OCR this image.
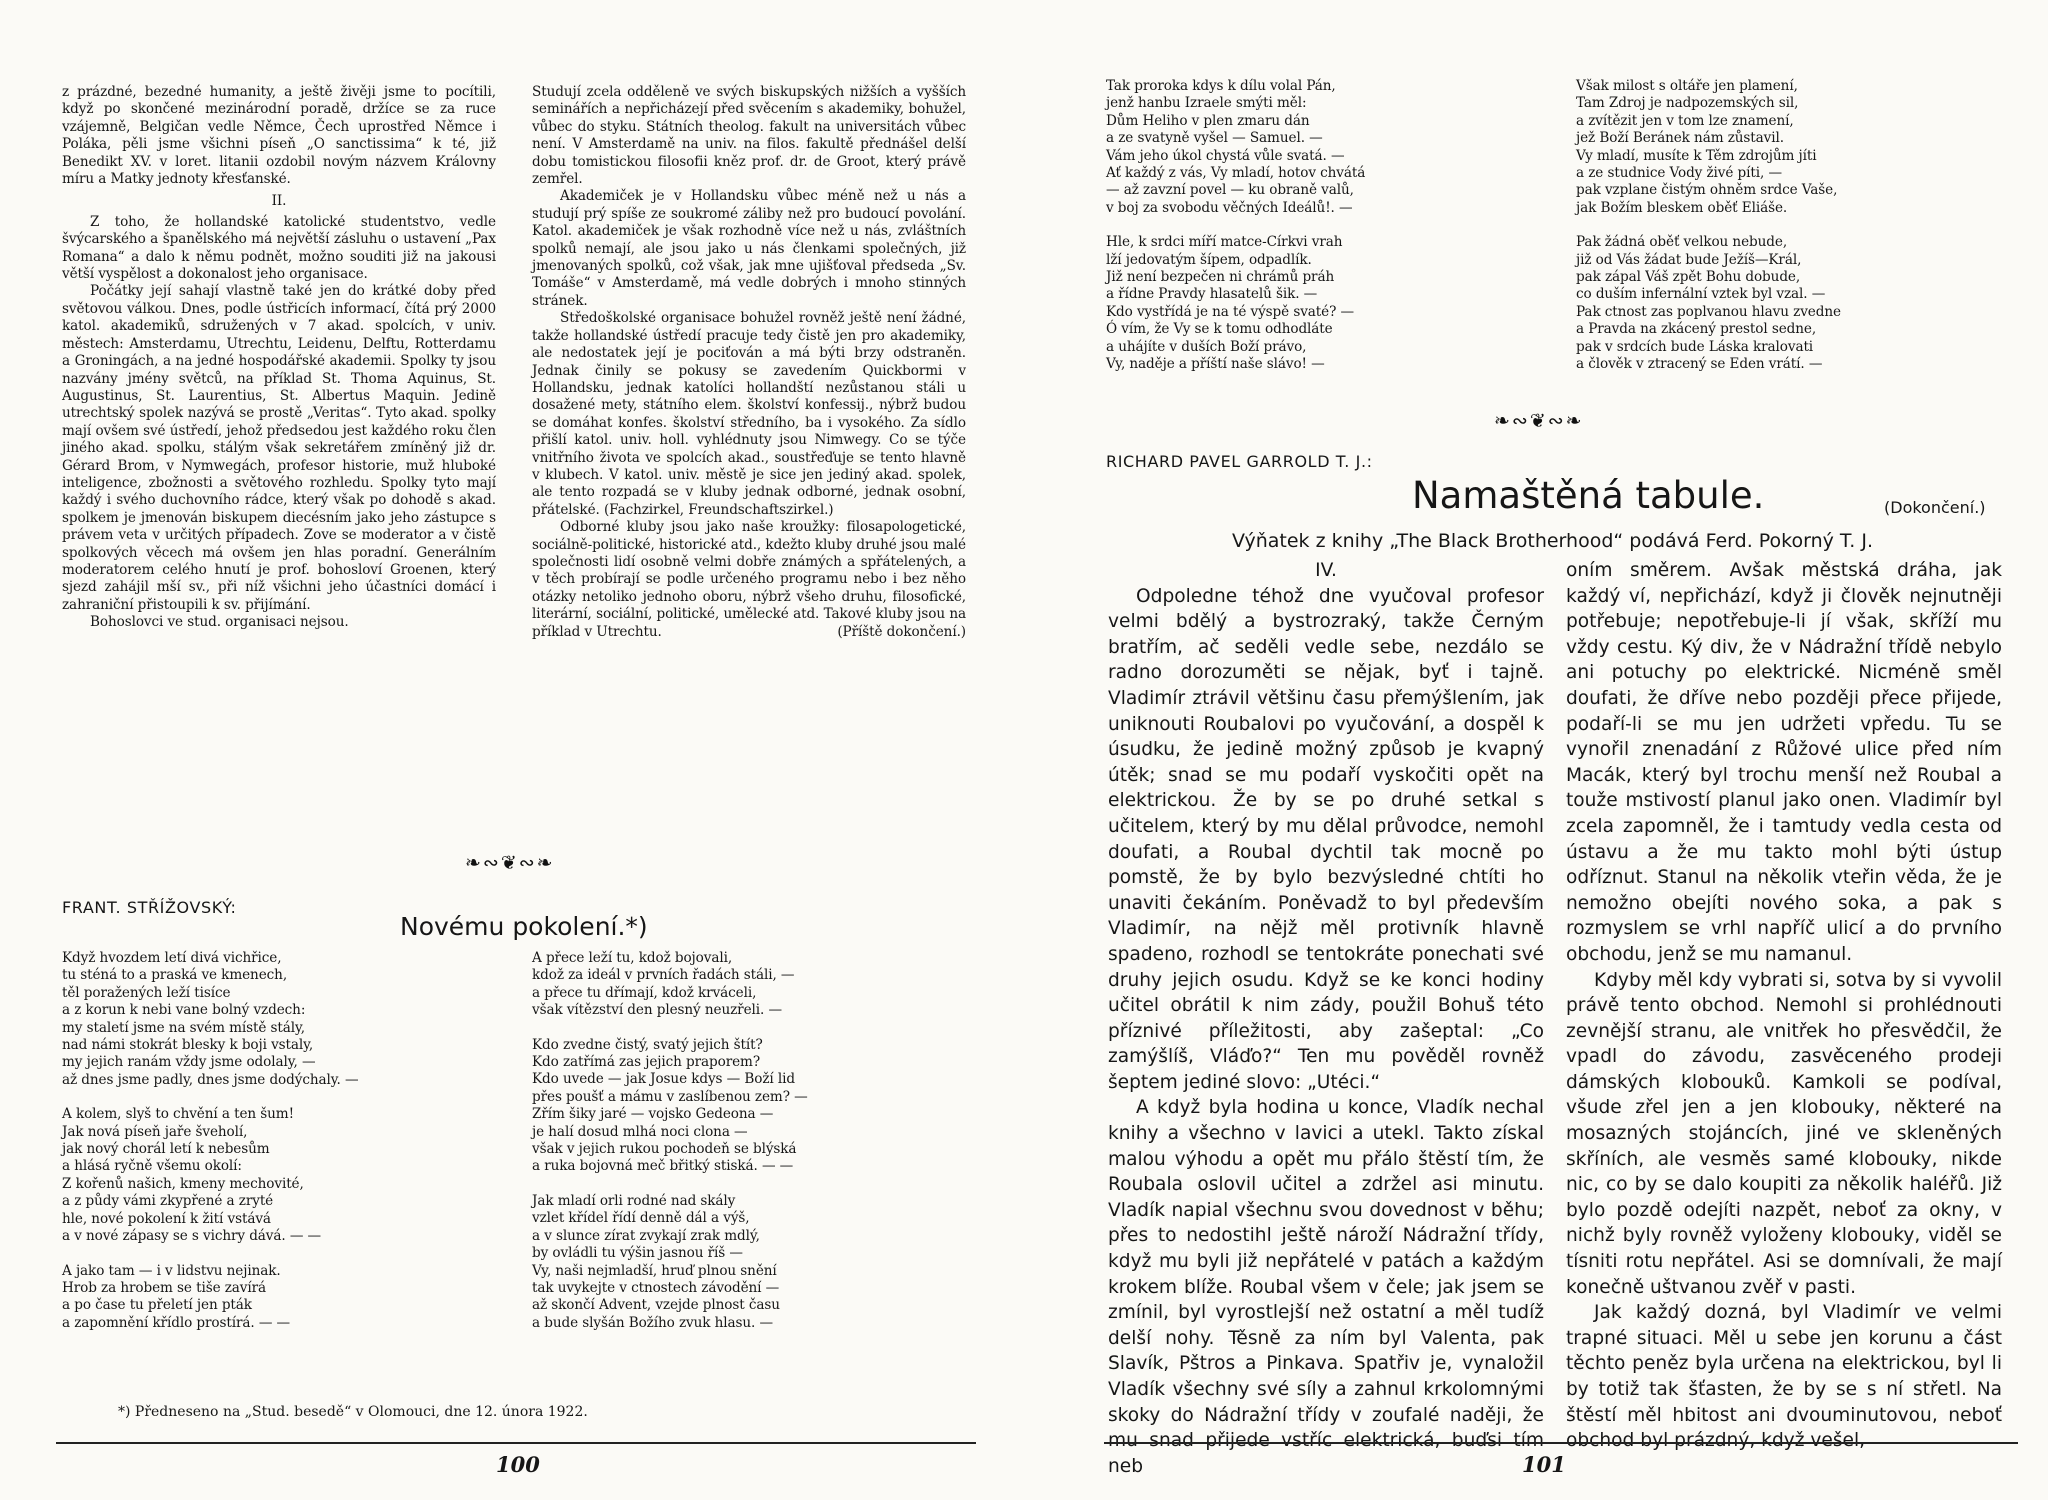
z prázdné, bezedné humanity, a ještě živěji jsme to pocítili, když po skončené mezinárodní poradě, držíce se za ruce vzájemně, Belgičan vedle Němce, Čech uprostřed Němce i Poláka, pěli jsme všichni píseň „O sanctissima“ k té, již Benedikt XV. v loret. litanii ozdobil novým názvem Královny míru a Matky jednoty křesťanské.

II.

Z toho, že hollandské katolické studentstvo, vedle švýcarského a španělského má největší zásluhu o ustavení „Pax Romana“ a dalo k němu podnět, možno souditi již na jakousi větší vyspělost a dokonalost jeho organisace.

Počátky její sahají vlastně také jen do krátké doby před světovou válkou. Dnes, podle ústřicích informací, čítá prý 2000 katol. akademiků, sdružených v 7 akad. spolcích, v univ. městech: Amsterdamu, Utrechtu, Leidenu, Delftu, Rotterdamu a Groningách, a na jedné hospodářské akademii. Spolky ty jsou nazvány jmény světců, na příklad St. Thoma Aquinus, St. Augustinus, St. Laurentius, St. Albertus Maquin. Jedině utrechtský spolek nazývá se prostě „Veritas“. Tyto akad. spolky mají ovšem své ústředí, jehož předsedou jest každého roku člen jiného akad. spolku, stálým však sekretářem zmíněný již dr. Gérard Brom, v Nymwegách, profesor historie, muž hluboké inteligence, zbožnosti a světového rozhledu. Spolky tyto mají každý i svého duchovního rádce, který však po dohodě s akad. spolkem je jmenován biskupem diecésním jako jeho zástupce s právem veta v určitých případech. Zove se moderator a v čistě spolkových věcech má ovšem jen hlas poradní. Generálním moderatorem celého hnutí je prof. bohosloví Groenen, který sjezd zahájil mší sv., při níž všichni jeho účastníci domácí i zahraniční přistoupili k sv. přijímání.

Bohoslovci ve stud. organisaci nejsou.

Studují zcela odděleně ve svých biskupských nižších a vyšších seminářích a nepřicházejí před svěcením s akademiky, bohužel, vůbec do styku. Státních theolog. fakult na universitách vůbec není. V Amsterdamě na univ. na filos. fakultě přednášel delší dobu tomistickou filosofii kněz prof. dr. de Groot, který právě zemřel.

Akademiček je v Hollandsku vůbec méně než u nás a studují prý spíše ze soukromé záliby než pro budoucí povolání. Katol. akademiček je však rozhodně více než u nás, zvláštních spolků nemají, ale jsou jako u nás členkami společných, již jmenovaných spolků, což však, jak mne ujišťoval předseda „Sv. Tomáše“ v Amsterdamě, má vedle dobrých i mnoho stinných stránek.

Středoškolské organisace bohužel rovněž ještě není žádné, takže hollandské ústředí pracuje tedy čistě jen pro akademiky, ale nedostatek její je pociťován a má býti brzy odstraněn. Jednak činily se pokusy se zavedením Quickbormi v Hollandsku, jednak katolíci hollandští nezůstanou stáli u dosažené mety, státního elem. školství konfessij., nýbrž budou se domáhat konfes. školství středního, ba i vysokého. Za sídlo přišlí katol. univ. holl. vyhlédnuty jsou Nimwegy. Co se týče vnitřního života ve spolcích akad., soustřeďuje se tento hlavně v klubech. V katol. univ. městě je sice jen jediný akad. spolek, ale tento rozpadá se v kluby jednak odborné, jednak osobní, přátelské. (Fachzirkel, Freundschaftszirkel.)

Odborné kluby jsou jako naše kroužky: filosapologetické, sociálně-politické, historické atd., kdežto kluby druhé jsou malé společnosti lidí osobně velmi dobře známých a spřátelených, a v těch probírají se podle určeného programu nebo i bez něho otázky netoliko jednoho oboru, nýbrž všeho druhu, filosofické, literární, sociální, politické, umělecké atd. Takové kluby jsou na příklad v Utrechtu.	(Příště dokončení.)

❧∾❦∾❧
FRANT. STŘÍŽOVSKÝ:
Novému pokolení.*)

Když hvozdem letí divá vichřice,
tu sténá to a praská ve kmenech,
těl poražených leží tisíce
a z korun k nebi vane bolný vzdech:
my staletí jsme na svém místě stály,
nad námi stokrát blesky k boji vstaly,
my jejich ranám vždy jsme odolaly, —
až dnes jsme padly, dnes jsme dodýchaly. —

A kolem, slyš to chvění a ten šum!
Jak nová píseň jaře šveholí,
jak nový chorál letí k nebesům
a hlásá ryčně všemu okolí:
Z kořenů našich, kmeny mechovité,
a z půdy vámi zkypřené a zryté
hle, nové pokolení k žití vstává
a v nové zápasy se s vichry dává. — —

A jako tam — i v lidstvu nejinak.
Hrob za hrobem se tiše zavírá
a po čase tu přeletí jen pták
a zapomnění křídlo prostírá. — —

A přece leží tu, kdož bojovali,
kdož za ideál v prvních řadách stáli, —
a přece tu dřímají, kdož krváceli,
však vítězství den plesný neuzřeli. —

Kdo zvedne čistý, svatý jejich štít?
Kdo zatřímá zas jejich praporem?
Kdo uvede — jak Josue kdys — Boží lid
přes poušť a mámu v zaslíbenou zem? —
Zřím šiky jaré — vojsko Gedeona —
je halí dosud mlhá noci clona —
však v jejich rukou pochodeň se blýská
a ruka bojovná meč břitký stiská. — —

Jak mladí orli rodné nad skály
vzlet křídel řídí denně dál a výš,
a v slunce zírat zvykají zrak mdlý,
by ovládli tu výšin jasnou říš —
Vy, naši nejmladší, hruď plnou snění
tak uvykejte v ctnostech závodění —
až skončí Advent, vzejde plnost času
a bude slyšán Božího zvuk hlasu. —

*) Předneseno na „Stud. besedě“ v Olomouci, dne 12. února 1922.
100

Tak proroka kdys k dílu volal Pán,
jenž hanbu Izraele smýti měl:
Dům Heliho v plen zmaru dán
a ze svatyně vyšel — Samuel. —
Vám jeho úkol chystá vůle svatá. —
Ať každý z vás, Vy mladí, hotov chvátá
— až zavzní povel — ku obraně valů,
v boj za svobodu věčných Ideálů!. —

Hle, k srdci míří matce-Církvi vrah
lží jedovatým šípem, odpadlík.
Již není bezpečen ni chrámů práh
a řídne Pravdy hlasatelů šik. —
Kdo vystřídá je na té výspě svaté? —
Ó vím, že Vy se k tomu odhodláte
a uhájíte v duších Boží právo,
Vy, naděje a příští naše slávo! —

Však milost s oltáře jen plamení,
Tam Zdroj je nadpozemských sil,
a zvítězit jen v tom lze znamení,
jež Boží Beránek nám zůstavil.
Vy mladí, musíte k Těm zdrojům jíti
a ze studnice Vody živé píti, —
pak vzplane čistým ohněm srdce Vaše,
jak Božím bleskem oběť Eliáše.

Pak žádná oběť velkou nebude,
již od Vás žádat bude Ježíš—Král,
pak zápal Váš zpět Bohu dobude,
co duším infernální vztek byl vzal. —
Pak ctnost zas poplvanou hlavu zvedne
a Pravda na zkácený prestol sedne,
pak v srdcích bude Láska kralovati
a člověk v ztracený se Eden vrátí. —

❧∾❦∾❧
RICHARD PAVEL GARROLD T. J.:
Namaštěná tabule.	(Dokončení.)
Výňatek z knihy „The Black Brotherhood“ podává Ferd. Pokorný T. J.
IV.

Odpoledne téhož dne vyučoval profesor velmi bdělý a bystrozraký, takže Černým bratřím, ač seděli vedle sebe, nezdálo se radno dorozuměti se nějak, byť i tajně. Vladimír ztrávil většinu času přemýšlením, jak uniknouti Roubalovi po vyučování, a dospěl k úsudku, že jedině možný způsob je kvapný útěk; snad se mu podaří vyskočiti opět na elektrickou. Že by se po druhé setkal s učitelem, který by mu dělal průvodce, nemohl doufati, a Roubal dychtil tak mocně po pomstě, že by bylo bezvýsledné chtíti ho unaviti čekáním. Poněvadž to byl především Vladimír, na nějž měl protivník hlavně spadeno, rozhodl se tentokráte ponechati své druhy jejich osudu. Když se ke konci hodiny učitel obrátil k nim zády, použil Bohuš této příznivé příležitosti, aby zašeptal: „Co zamýšlíš, Vláďo?“ Ten mu pověděl rovněž šeptem jediné slovo: „Utéci.“

A když byla hodina u konce, Vladík nechal knihy a všechno v lavici a utekl. Takto získal malou výhodu a opět mu přálo štěstí tím, že Roubala oslovil učitel a zdržel asi minutu. Vladík napial všechnu svou dovednost v běhu; přes to nedostihl ještě nároží Nádražní třídy, když mu byli již nepřátelé v patách a každým krokem blíže. Roubal všem v čele; jak jsem se zmínil, byl vyrostlejší než ostatní a měl tudíž delší nohy. Těsně za ním byl Valenta, pak Slavík, Pštros a Pinkava. Spatřiv je, vynaložil Vladík všechny své síly a zahnul krkolomnými skoky do Nádražní třídy v zoufalé naději, že mu snad přijede vstříc elektrická, buďsi tím neb

oním směrem. Avšak městská dráha, jak každý ví, nepřichází, když ji člověk nejnutněji potřebuje; nepotřebuje-li jí však, skříží mu vždy cestu. Ký div, že v Nádražní třídě nebylo ani potuchy po elektrické. Nicméně směl doufati, že dříve nebo později přece přijede, podaří-li se mu jen udržeti vpředu. Tu se vynořil znenadání z Růžové ulice před ním Macák, který byl trochu menší než Roubal a touže mstivostí planul jako onen. Vladimír byl zcela zapomněl, že i tamtudy vedla cesta od ústavu a že mu takto mohl býti ústup odříznut. Stanul na několik vteřin věda, že je nemožno obejíti nového soka, a pak s rozmyslem se vrhl napříč ulicí a do prvního obchodu, jenž se mu namanul.

Kdyby měl kdy vybrati si, sotva by si vyvolil právě tento obchod. Nemohl si prohlédnouti zevnější stranu, ale vnitřek ho přesvědčil, že vpadl do závodu, zasvěceného prodeji dámských klobouků. Kamkoli se podíval, všude zřel jen a jen klobouky, některé na mosazných stojáncích, jiné ve skleněných skříních, ale vesměs samé klobouky, nikde nic, co by se dalo koupiti za několik haléřů. Již bylo pozdě odejíti nazpět, neboť za okny, v nichž byly rovněž vyloženy klobouky, viděl se tísniti rotu nepřátel. Asi se domnívali, že mají konečně uštvanou zvěř v pasti.

Jak každý dozná, byl Vladimír ve velmi trapné situaci. Měl u sebe jen korunu a část těchto peněz byla určena na elektrickou, byl li by totiž tak šťasten, že by se s ní střetl. Na štěstí měl hbitost ani dvouminutovou, neboť obchod byl prázdný, když vešel,

101
